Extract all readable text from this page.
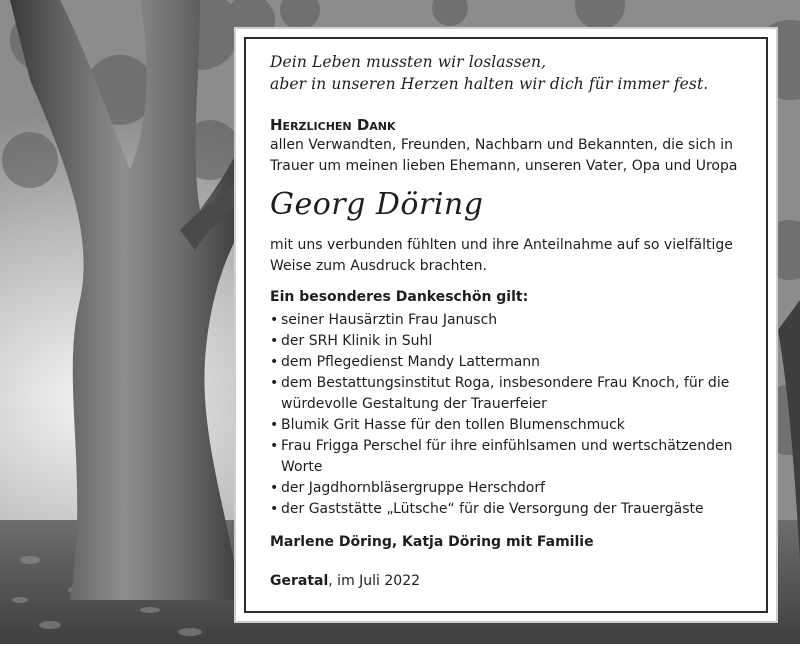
Dein Leben mussten wir loslassen,
aber in unseren Herzen halten wir dich für immer fest.
Herzlichen Dank
allen Verwandten, Freunden, Nachbarn und Bekannten, die sich in
Trauer um meinen lieben Ehemann, unseren Vater, Opa und Uropa
Georg Döring
mit uns verbunden fühlten und ihre Anteilnahme auf so vielfältige
Weise zum Ausdruck brachten.
Ein besonderes Dankeschön gilt:
• seiner Hausärztin Frau Janusch
• der SRH Klinik in Suhl
• dem Pflegedienst Mandy Lattermann
• dem Bestattungsinstitut Roga, insbesondere Frau Knoch, für die
würdevolle Gestaltung der Trauerfeier
• Blumik Grit Hasse für den tollen Blumenschmuck
• Frau Frigga Perschel für ihre einfühlsamen und wertschätzenden Worte
• der Jagdhornbläsergruppe Herschdorf
• der Gaststätte „Lütsche“ für die Versorgung der Trauergäste
Marlene Döring, Katja Döring mit Familie
Geratal, im Juli 2022
